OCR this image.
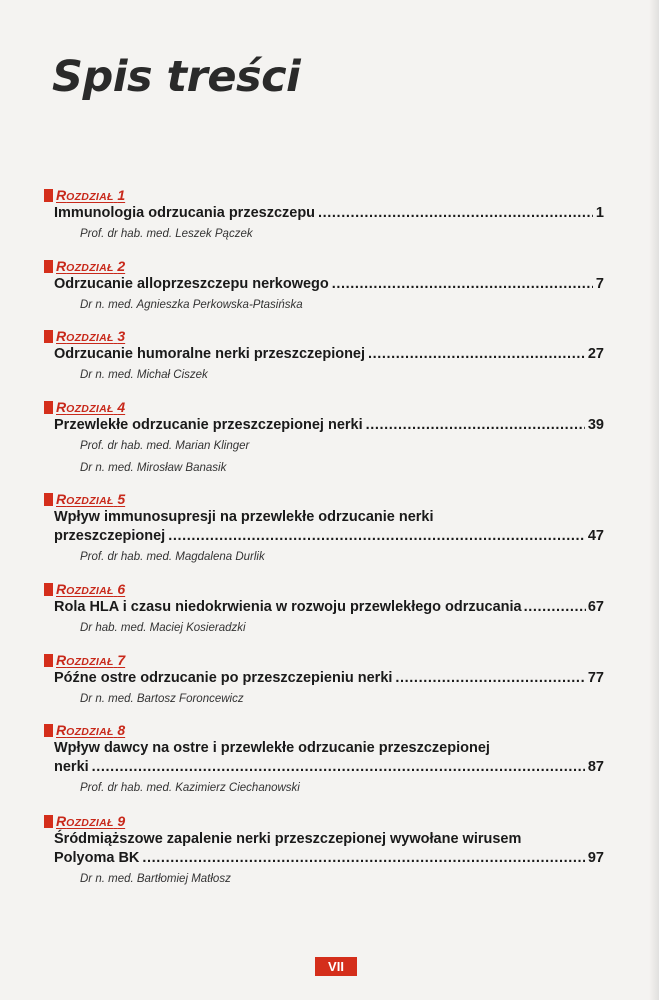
Spis treści
ROZDZIAŁ 1
Immunologia odrzucania przeszczepu .....	1
Prof. dr hab. med. Leszek Pączek
ROZDZIAŁ 2
Odrzucanie alloprzeszczepu nerkowego .....	7
Dr n. med. Agnieszka Perkowska-Ptasińska
ROZDZIAŁ 3
Odrzucanie humoralne nerki przeszczepionej .....	27
Dr n. med. Michał Ciszek
ROZDZIAŁ 4
Przewlekłe odrzucanie przeszczepionej nerki .....	39
Prof. dr hab. med. Marian Klinger
Dr n. med. Mirosław Banasik
ROZDZIAŁ 5
Wpływ immunosupresji na przewlekłe odrzucanie nerki
przeszczepionej .....	47
Prof. dr hab. med. Magdalena Durlik
ROZDZIAŁ 6
Rola HLA i czasu niedokrwienia w rozwoju przewlekłego odrzucania .....	67
Dr hab. med. Maciej Kosieradzki
ROZDZIAŁ 7
Późne ostre odrzucanie po przeszczepieniu nerki .....	77
Dr n. med. Bartosz Foroncewicz
ROZDZIAŁ 8
Wpływ dawcy na ostre i przewlekłe odrzucanie przeszczepionej
nerki .....	87
Prof. dr hab. med. Kazimierz Ciechanowski
ROZDZIAŁ 9
Śródmiąższowe zapalenie nerki przeszczepionej wywołane wirusem
Polyoma BK .....	97
Dr n. med. Bartłomiej Matłosz
VII
